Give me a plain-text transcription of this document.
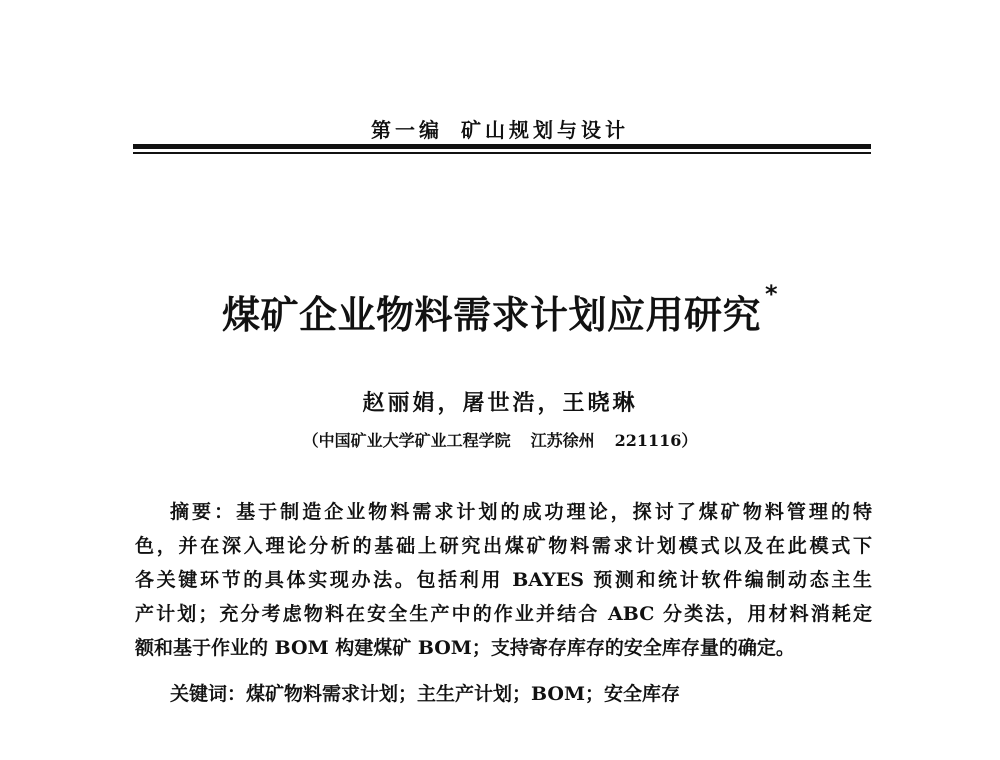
第一编 矿山规划与设计
煤矿企业物料需求计划应用研究 *
赵丽娟，屠世浩，王晓琳
（中国矿业大学矿业工程学院 江苏徐州 221116）
摘要：基于制造企业物料需求计划的成功理论，探讨了煤矿物料管理的特
色，并在深入理论分析的基础上研究出煤矿物料需求计划模式以及在此模式下
各关键环节的具体实现办法。包括利用 BAYES 预测和统计软件编制动态主生
产计划；充分考虑物料在安全生产中的作业并结合 ABC 分类法，用材料消耗定
额和基于作业的 BOM 构建煤矿 BOM；支持寄存库存的安全库存量的确定。
关键词：煤矿物料需求计划；主生产计划；BOM；安全库存
